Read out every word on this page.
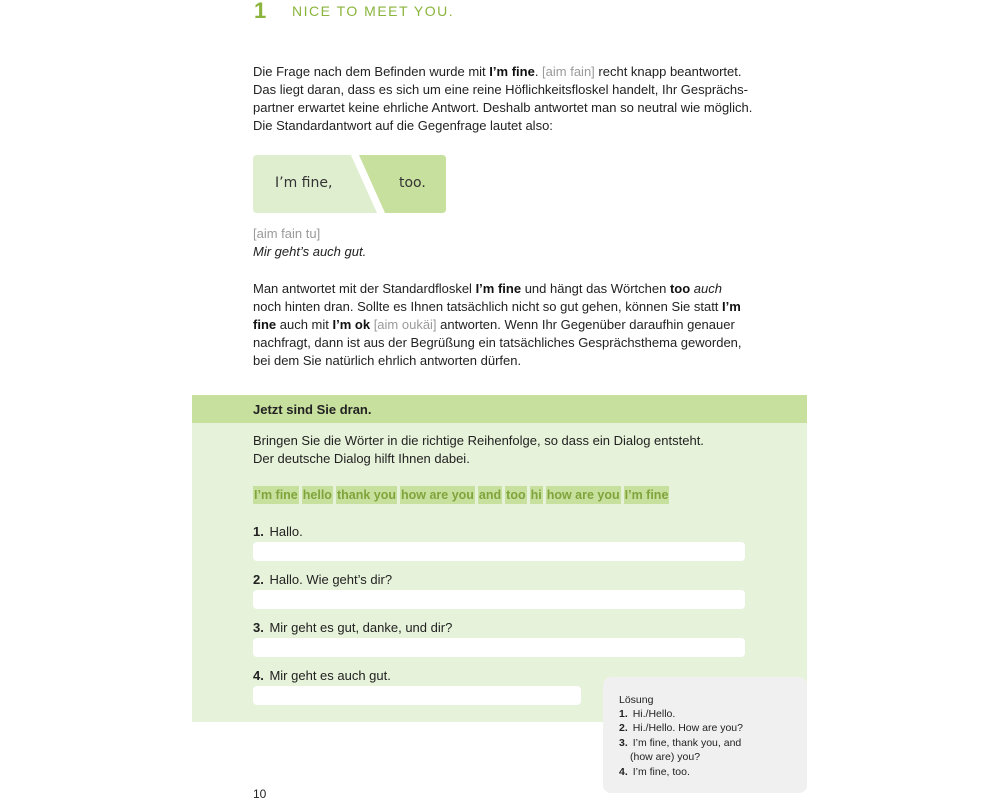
1 NICE TO MEET YOU.
Die Frage nach dem Befinden wurde mit I’m fine. [aim fain] recht knapp beantwortet. Das liegt daran, dass es sich um eine reine Höflichkeitsfloskel handelt, Ihr Gesprächs-partner erwartet keine ehrliche Antwort. Deshalb antwortet man so neutral wie möglich. Die Standardantwort auf die Gegenfrage lautet also:
I’m fine,	too.
[aim fain tu]
Mir geht’s auch gut.
Man antwortet mit der Standardfloskel I’m fine und hängt das Wörtchen too auch noch hinten dran. Sollte es Ihnen tatsächlich nicht so gut gehen, können Sie statt I’m fine auch mit I’m ok [aim oukäi] antworten. Wenn Ihr Gegenüber daraufhin genauer nachfragt, dann ist aus der Begrüßung ein tatsächliches Gesprächsthema geworden, bei dem Sie natürlich ehrlich antworten dürfen.
Jetzt sind Sie dran.
Bringen Sie die Wörter in die richtige Reihenfolge, so dass ein Dialog entsteht.
Der deutsche Dialog hilft Ihnen dabei.
I’m fine hello thank you how are you and too hi how are you I’m fine
1. Hallo.
2. Hallo. Wie geht’s dir?
3. Mir geht es gut, danke, und dir?
4. Mir geht es auch gut.
Lösung
1. Hi./Hello.
2. Hi./Hello. How are you?
3. I’m fine, thank you, and
(how are) you?
4. I’m fine, too.
10
